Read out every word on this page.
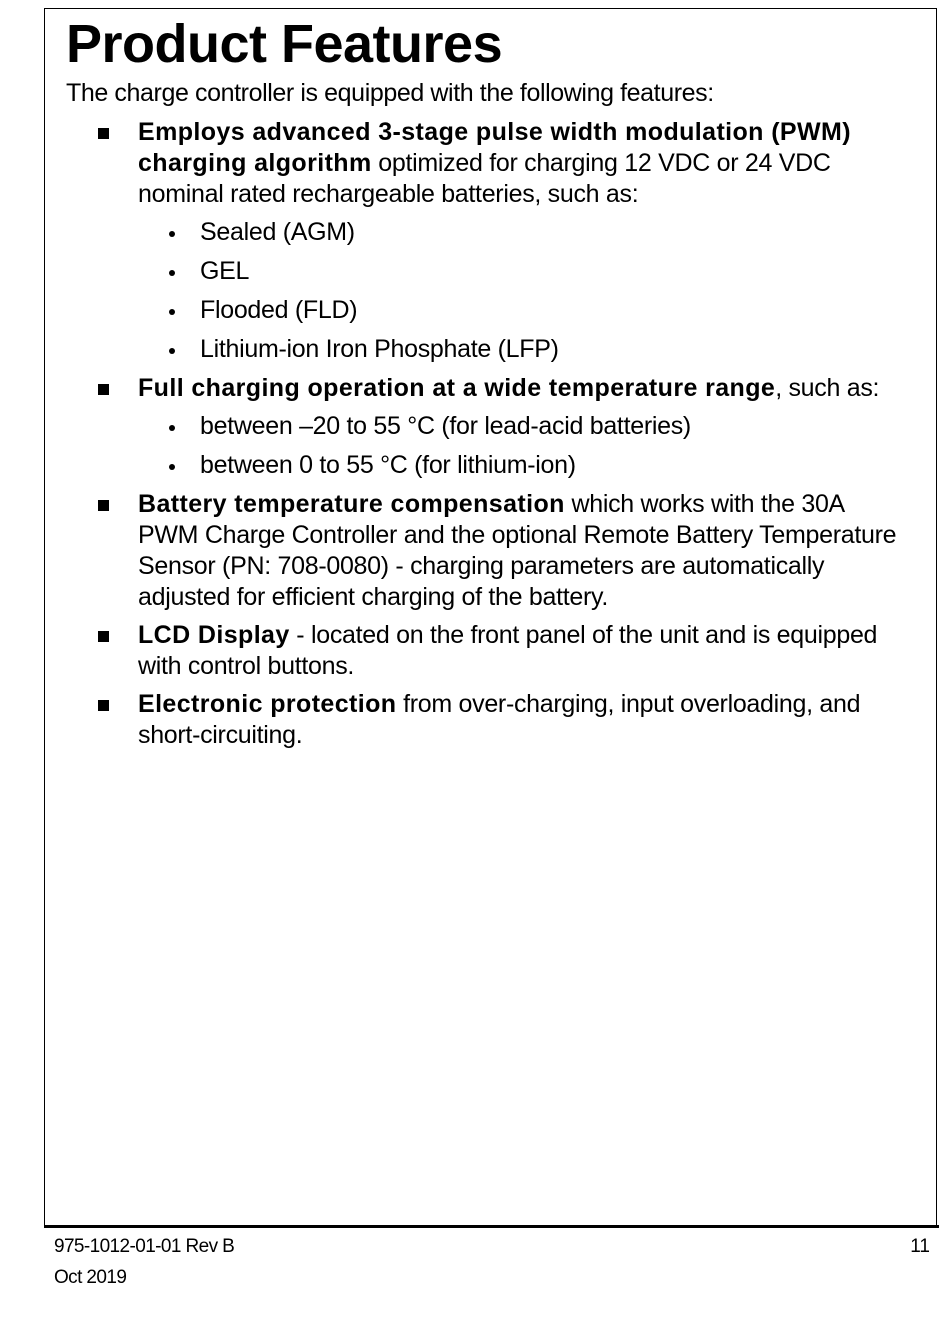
Product Features

The charge controller is equipped with the following features:

Employs advanced 3-stage pulse width modulation (PWM) charging algorithm optimized for charging 12 VDC or 24 VDC nominal rated rechargeable batteries, such as:
Sealed (AGM)
GEL
Flooded (FLD)
Lithium-ion Iron Phosphate (LFP)
Full charging operation at a wide temperature range, such as:
between –20 to 55 °C (for lead-acid batteries)
between 0 to 55 °C (for lithium-ion)
Battery temperature compensation which works with the 30A PWM Charge Controller and the optional Remote Battery Temperature Sensor (PN: 708-0080) - charging parameters are automatically adjusted for efficient charging of the battery.
LCD Display - located on the front panel of the unit and is equipped with control buttons.
Electronic protection from over-charging, input overloading, and short-circuiting.
975-1012-01-01 Rev B
Oct 2019
11
